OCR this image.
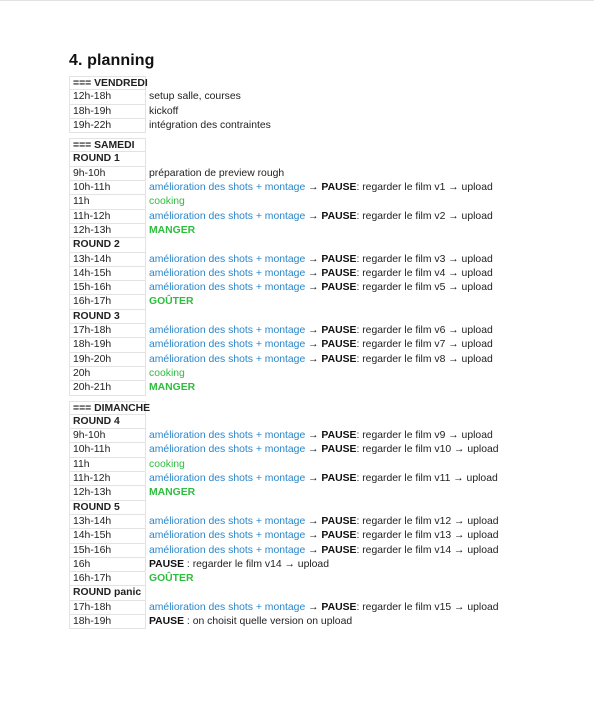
4. planning
=== VENDREDI
12h-18h	setup salle, courses
18h-19h	kickoff
19h-22h	intégration des contraintes
=== SAMEDI
ROUND 1
9h-10h	préparation de preview rough
10h-11h	amélioration des shots + montage → PAUSE: regarder le film v1 → upload
11h	cooking
11h-12h	amélioration des shots + montage → PAUSE: regarder le film v2 → upload
12h-13h	MANGER
ROUND 2
13h-14h	amélioration des shots + montage → PAUSE: regarder le film v3 → upload
14h-15h	amélioration des shots + montage → PAUSE: regarder le film v4 → upload
15h-16h	amélioration des shots + montage → PAUSE: regarder le film v5 → upload
16h-17h	GOÛTER
ROUND 3
17h-18h	amélioration des shots + montage → PAUSE: regarder le film v6 → upload
18h-19h	amélioration des shots + montage → PAUSE: regarder le film v7 → upload
19h-20h	amélioration des shots + montage → PAUSE: regarder le film v8 → upload
20h	cooking
20h-21h	MANGER
=== DIMANCHE
ROUND 4
9h-10h	amélioration des shots + montage → PAUSE: regarder le film v9 → upload
10h-11h	amélioration des shots + montage → PAUSE: regarder le film v10 → upload
11h	cooking
11h-12h	amélioration des shots + montage → PAUSE: regarder le film v11 → upload
12h-13h	MANGER
ROUND 5
13h-14h	amélioration des shots + montage → PAUSE: regarder le film v12 → upload
14h-15h	amélioration des shots + montage → PAUSE: regarder le film v13 → upload
15h-16h	amélioration des shots + montage → PAUSE: regarder le film v14 → upload
16h	PAUSE : regarder le film v14 → upload
16h-17h	GOÛTER
ROUND panic
17h-18h	amélioration des shots + montage → PAUSE: regarder le film v15 → upload
18h-19h	PAUSE : on choisit quelle version on upload
